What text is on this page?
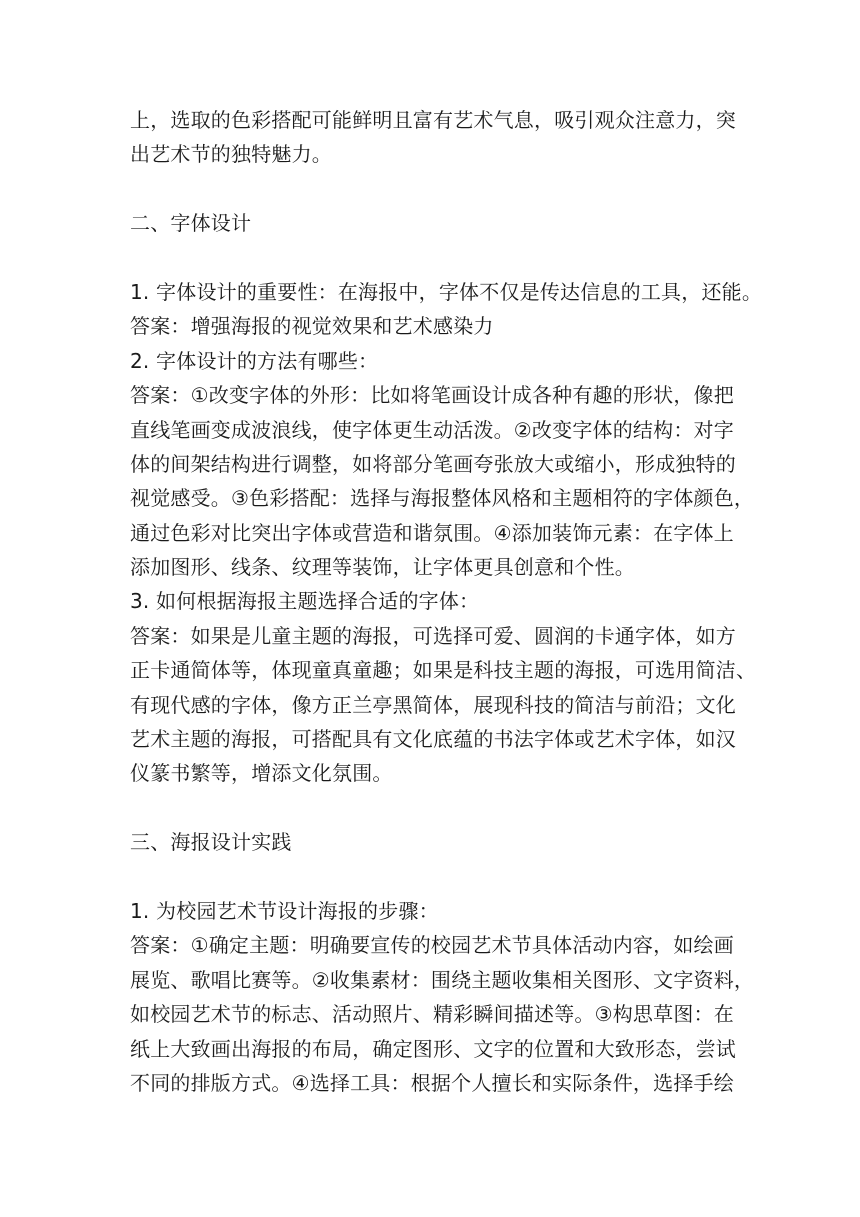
上，选取的色彩搭配可能鲜明且富有艺术气息，吸引观众注意力，突
出艺术节的独特魅力。
二、字体设计
1. 字体设计的重要性：在海报中，字体不仅是传达信息的工具，还能。
答案：增强海报的视觉效果和艺术感染力
2. 字体设计的方法有哪些：
答案：①改变字体的外形：比如将笔画设计成各种有趣的形状，像把
直线笔画变成波浪线，使字体更生动活泼。②改变字体的结构：对字
体的间架结构进行调整，如将部分笔画夸张放大或缩小，形成独特的
视觉感受。③色彩搭配：选择与海报整体风格和主题相符的字体颜色，
通过色彩对比突出字体或营造和谐氛围。④添加装饰元素：在字体上
添加图形、线条、纹理等装饰，让字体更具创意和个性。
3. 如何根据海报主题选择合适的字体：
答案：如果是儿童主题的海报，可选择可爱、圆润的卡通字体，如方
正卡通简体等，体现童真童趣；如果是科技主题的海报，可选用简洁、
有现代感的字体，像方正兰亭黑简体，展现科技的简洁与前沿；文化
艺术主题的海报，可搭配具有文化底蕴的书法字体或艺术字体，如汉
仪篆书繁等，增添文化氛围。
三、海报设计实践
1. 为校园艺术节设计海报的步骤：
答案：①确定主题：明确要宣传的校园艺术节具体活动内容，如绘画
展览、歌唱比赛等。②收集素材：围绕主题收集相关图形、文字资料，
如校园艺术节的标志、活动照片、精彩瞬间描述等。③构思草图：在
纸上大致画出海报的布局，确定图形、文字的位置和大致形态，尝试
不同的排版方式。④选择工具：根据个人擅长和实际条件，选择手绘
